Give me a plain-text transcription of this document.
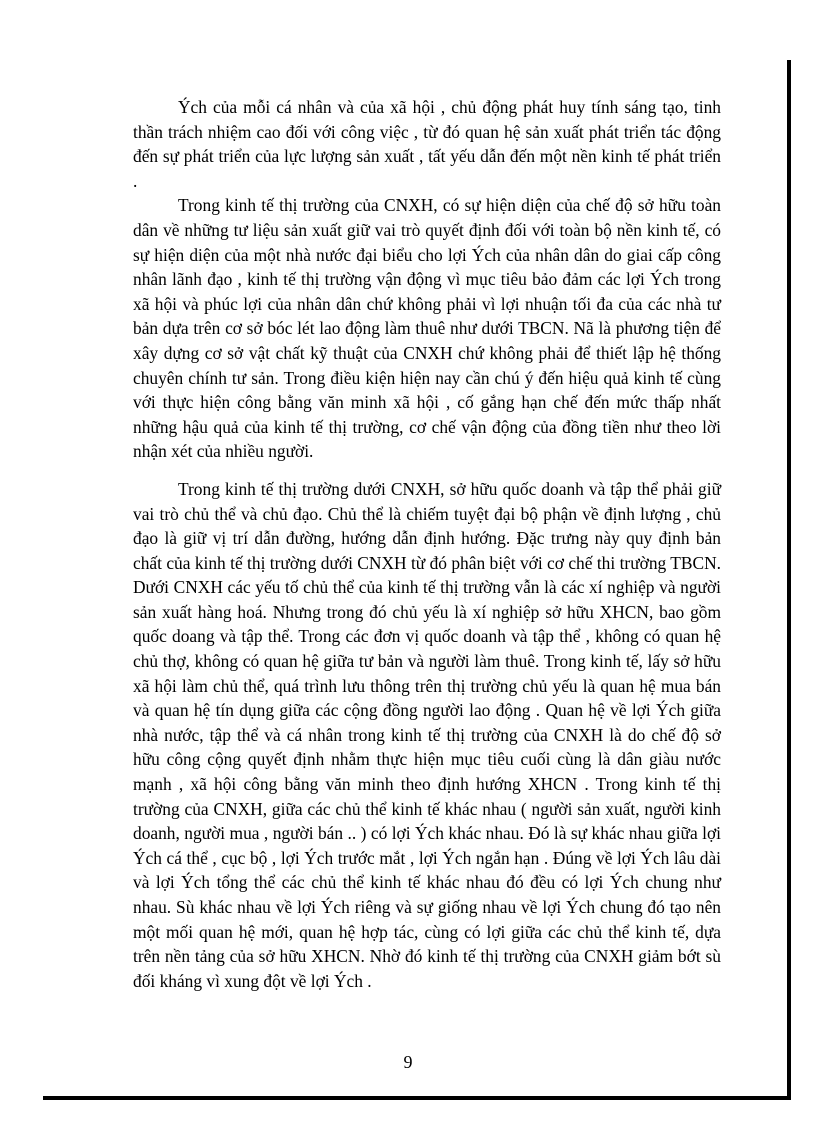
Ých của mỗi cá nhân và của xã hội , chủ động phát huy tính sáng tạo, tinh thần trách nhiệm cao đối với công việc , từ đó quan hệ sản xuất phát triển tác động đến sự phát triển của lực lượng sản xuất , tất yếu dẫn đến một nền kinh tế phát triển .

Trong kinh tế thị trường của CNXH, có sự hiện diện của chế độ sở hữu toàn dân về những tư liệu sản xuất giữ vai trò quyết định đối với toàn bộ nền kinh tế, có sự hiện diện của một nhà nước đại biểu cho lợi Ých của nhân dân do giai cấp công nhân lãnh đạo , kinh tế thị trường vận động vì mục tiêu bảo đảm các lợi Ých trong xã hội và phúc lợi của nhân dân chứ không phải vì lợi nhuận tối đa của các nhà tư bản dựa trên cơ sở bóc lét lao động làm thuê như dưới TBCN. Nã là phương tiện để xây dựng cơ sở vật chất kỹ thuật của CNXH chứ không phải để thiết lập hệ thống chuyên chính tư sản. Trong điều kiện hiện nay cần chú ý đến hiệu quả kinh tế cùng với thực hiện công bằng văn minh xã hội , cố gắng hạn chế đến mức thấp nhất những hậu quả của kinh tế thị trường, cơ chế vận động của đồng tiền như theo lời nhận xét của nhiều người.

Trong kinh tế thị trường dưới CNXH, sở hữu quốc doanh và tập thể phải giữ vai trò chủ thể và chủ đạo. Chủ thể là chiếm tuyệt đại bộ phận về định lượng , chủ đạo là giữ vị trí dẫn đường, hướng dẫn định hướng. Đặc trưng này quy định bản chất của kinh tế thị trường dưới CNXH từ đó phân biệt với cơ chế thi trường TBCN. Dưới CNXH các yếu tố chủ thể của kinh tế thị trường vẫn là các xí nghiệp và người sản xuất hàng hoá. Nhưng trong đó chủ yếu là xí nghiệp sở hữu XHCN, bao gồm quốc doang và tập thể. Trong các đơn vị quốc doanh và tập thể , không có quan hệ chủ thợ, không có quan hệ giữa tư bản và người làm thuê. Trong kinh tế, lấy sở hữu xã hội làm chủ thể, quá trình lưu thông trên thị trường chủ yếu là quan hệ mua bán và quan hệ tín dụng giữa các cộng đồng người lao động . Quan hệ về lợi Ých giữa nhà nước, tập thể và cá nhân trong kinh tế thị trường của CNXH là do chế độ sở hữu công cộng quyết định nhằm thực hiện mục tiêu cuối cùng là dân giàu nước mạnh , xã hội công bằng văn minh theo định hướng XHCN . Trong kinh tế thị trường của CNXH, giữa các chủ thể kinh tế khác nhau ( người sản xuất, người kinh doanh, người mua , người bán .. ) có lợi Ých khác nhau. Đó là sự khác nhau giữa lợi Ých cá thể , cục bộ , lợi Ých trước mắt , lợi Ých ngắn hạn . Đúng về lợi Ých lâu dài và lợi Ých tổng thể các chủ thể kinh tế khác nhau đó đều có lợi Ých chung như nhau. Sù khác nhau về lợi Ých riêng và sự giống nhau về lợi Ých chung đó tạo nên một mối quan hệ mới, quan hệ hợp tác, cùng có lợi giữa các chủ thể kinh tế, dựa trên nền tảng của sở hữu XHCN. Nhờ đó kinh tế thị trường của CNXH giảm bớt sù đối kháng vì xung đột về lợi Ých .

9
